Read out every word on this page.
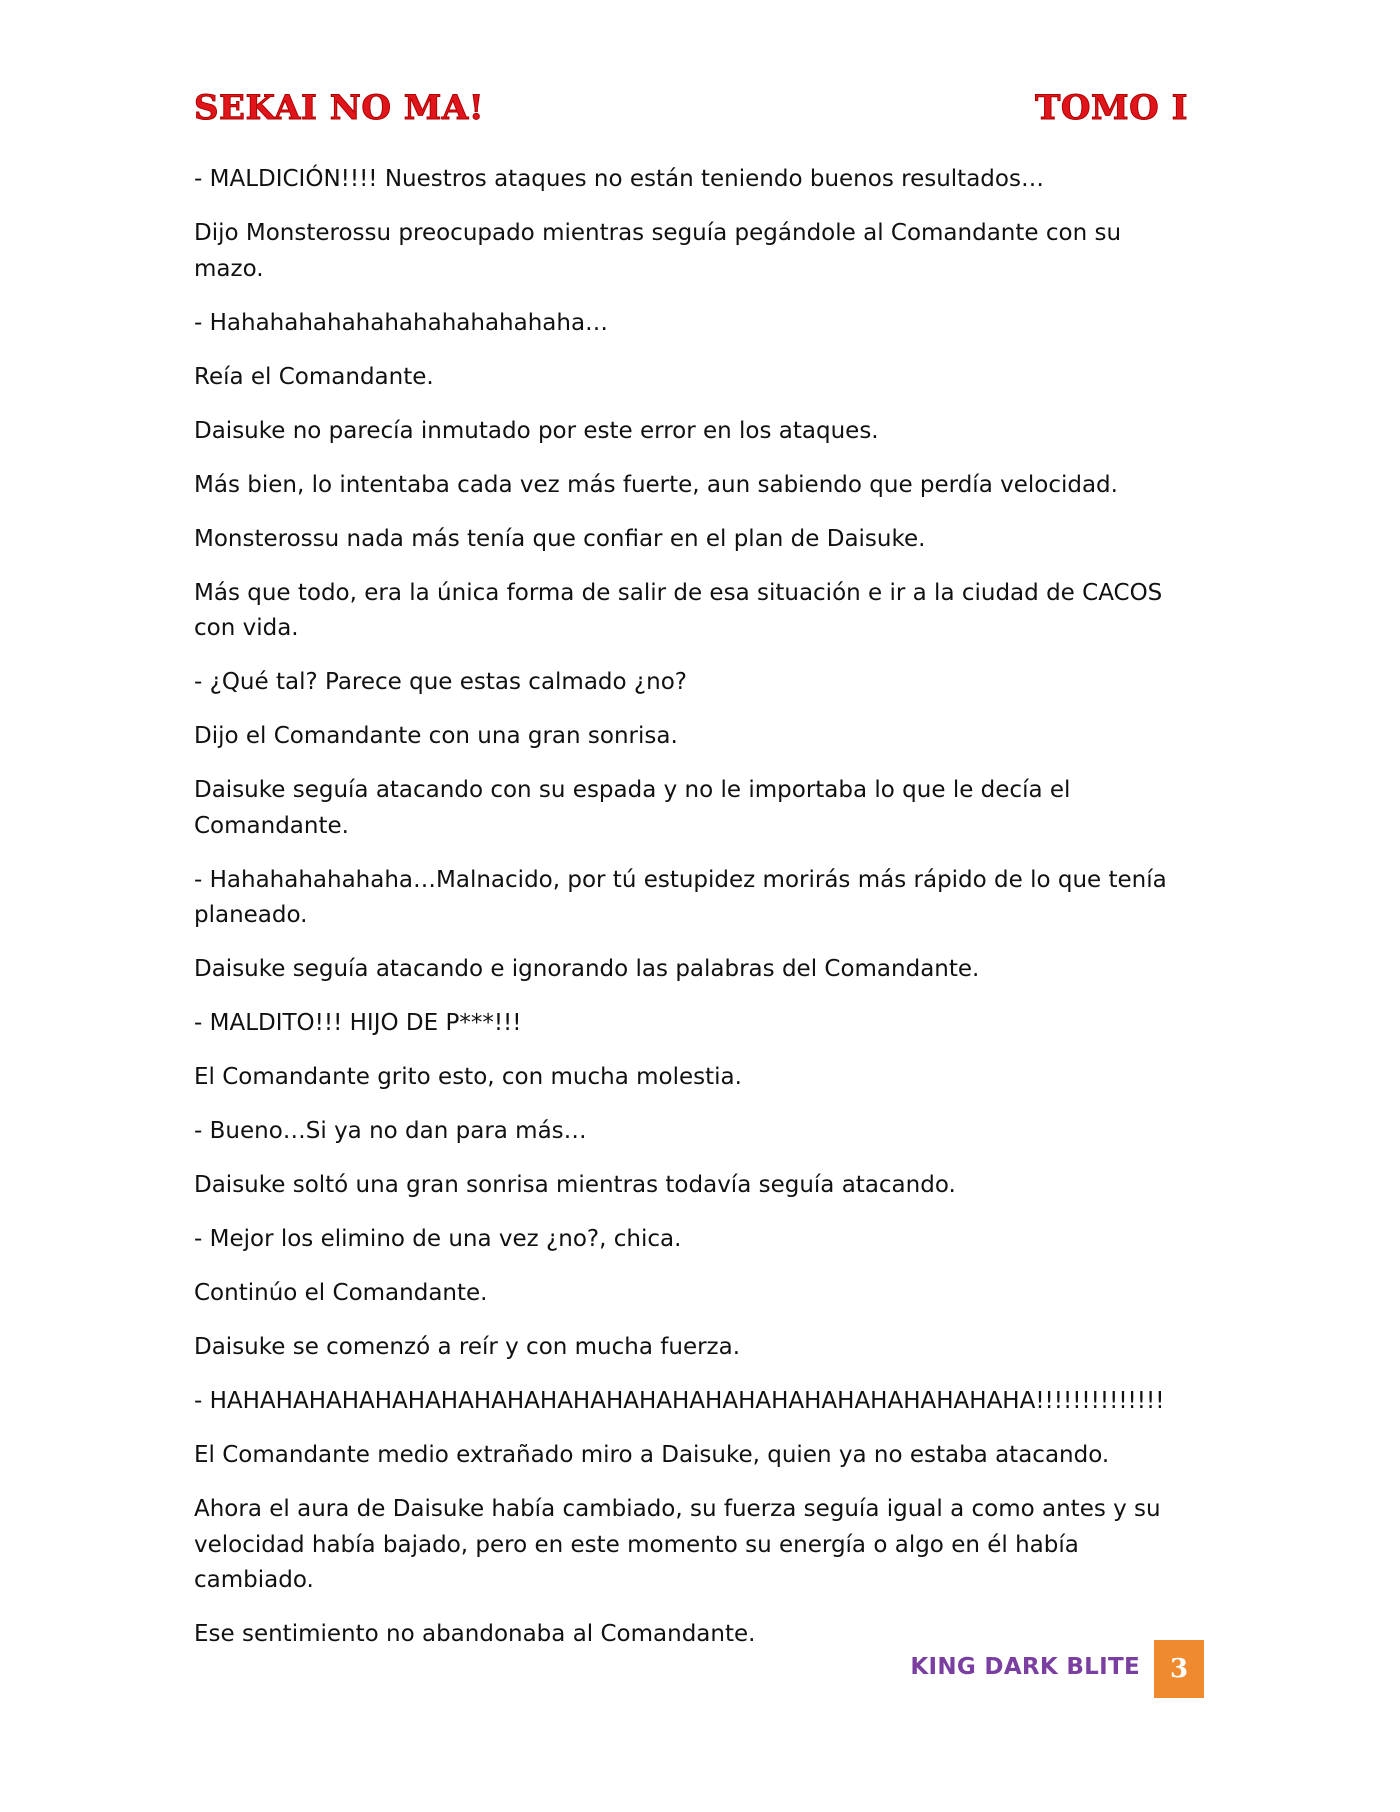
SEKAI NO MA!	TOMO I

- MALDICIÓN!!!! Nuestros ataques no están teniendo buenos resultados…

Dijo Monsterossu preocupado mientras seguía pegándole al Comandante con su mazo.

- Hahahahahahahahahahahahaha…

Reía el Comandante.

Daisuke no parecía inmutado por este error en los ataques.

Más bien, lo intentaba cada vez más fuerte, aun sabiendo que perdía velocidad.

Monsterossu nada más tenía que confiar en el plan de Daisuke.

Más que todo, era la única forma de salir de esa situación e ir a la ciudad de CACOS con vida.

- ¿Qué tal? Parece que estas calmado ¿no?

Dijo el Comandante con una gran sonrisa.

Daisuke seguía atacando con su espada y no le importaba lo que le decía el Comandante.

- Hahahahahahaha…Malnacido, por tú estupidez morirás más rápido de lo que tenía planeado.

Daisuke seguía atacando e ignorando las palabras del Comandante.

- MALDITO!!! HIJO DE P***!!!

El Comandante grito esto, con mucha molestia.

- Bueno…Si ya no dan para más…

Daisuke soltó una gran sonrisa mientras todavía seguía atacando.

- Mejor los elimino de una vez ¿no?, chica.

Continúo el Comandante.

Daisuke se comenzó a reír y con mucha fuerza.

- HAHAHAHAHAHAHAHAHAHAHAHAHAHAHAHAHAHAHAHAHAHAHAHAHA!!!!!!!!!!!!!!

El Comandante medio extrañado miro a Daisuke, quien ya no estaba atacando.

Ahora el aura de Daisuke había cambiado, su fuerza seguía igual a como antes y su velocidad había bajado, pero en este momento su energía o algo en él había cambiado.

Ese sentimiento no abandonaba al Comandante.

KING DARK BLITE	3
